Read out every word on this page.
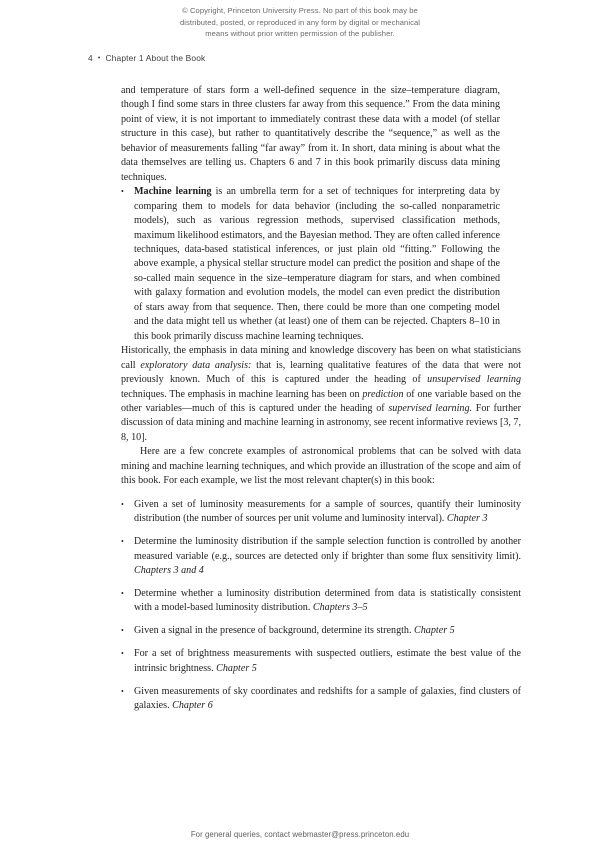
© Copyright, Princeton University Press. No part of this book may be
distributed, posted, or reproduced in any form by digital or mechanical
means without prior written permission of the publisher.
4 • Chapter 1 About the Book

and temperature of stars form a well-defined sequence in the size–temperature diagram, though I find some stars in three clusters far away from this sequence.” From the data mining point of view, it is not important to immediately contrast these data with a model (of stellar structure in this case), but rather to quantitatively describe the “sequence,” as well as the behavior of measurements falling “far away” from it. In short, data mining is about what the data themselves are telling us. Chapters 6 and 7 in this book primarily discuss data mining techniques.

• Machine learning is an umbrella term for a set of techniques for interpreting data by comparing them to models for data behavior (including the so-called nonparametric models), such as various regression methods, supervised classification methods, maximum likelihood estimators, and the Bayesian method. They are often called inference techniques, data-based statistical inferences, or just plain old “fitting.” Following the above example, a physical stellar structure model can predict the position and shape of the so-called main sequence in the size–temperature diagram for stars, and when combined with galaxy formation and evolution models, the model can even predict the distribution of stars away from that sequence. Then, there could be more than one competing model and the data might tell us whether (at least) one of them can be rejected. Chapters 8–10 in this book primarily discuss machine learning techniques.

Historically, the emphasis in data mining and knowledge discovery has been on what statisticians call exploratory data analysis: that is, learning qualitative features of the data that were not previously known. Much of this is captured under the heading of unsupervised learning techniques. The emphasis in machine learning has been on prediction of one variable based on the other variables—much of this is captured under the heading of supervised learning. For further discussion of data mining and machine learning in astronomy, see recent informative reviews [3, 7, 8, 10].

Here are a few concrete examples of astronomical problems that can be solved with data mining and machine learning techniques, and which provide an illustration of the scope and aim of this book. For each example, we list the most relevant chapter(s) in this book:

• Given a set of luminosity measurements for a sample of sources, quantify their luminosity distribution (the number of sources per unit volume and luminosity interval). Chapter 3
• Determine the luminosity distribution if the sample selection function is controlled by another measured variable (e.g., sources are detected only if brighter than some flux sensitivity limit). Chapters 3 and 4
• Determine whether a luminosity distribution determined from data is statistically consistent with a model-based luminosity distribution. Chapters 3–5
• Given a signal in the presence of background, determine its strength. Chapter 5
• For a set of brightness measurements with suspected outliers, estimate the best value of the intrinsic brightness. Chapter 5
• Given measurements of sky coordinates and redshifts for a sample of galaxies, find clusters of galaxies. Chapter 6
For general queries, contact webmaster@press.princeton.edu
